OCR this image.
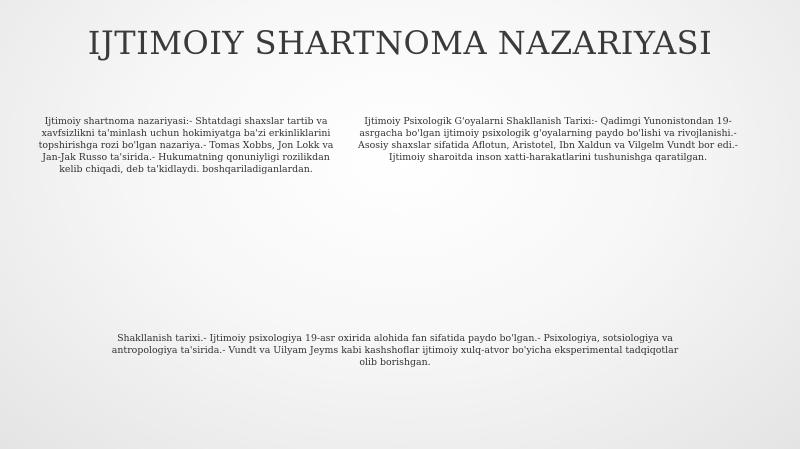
IJTIMOIY SHARTNOMA NAZARIYASI

Ijtimoiy shartnoma nazariyasi:- Shtatdagi shaxslar tartib va xavfsizlikni ta'minlash uchun hokimiyatga ba'zi erkinliklarini topshirishga rozi bo'lgan nazariya.- Tomas Xobbs, Jon Lokk va Jan-Jak Russo ta'sirida.- Hukumatning qonuniyligi rozilikdan kelib chiqadi, deb ta'kidlaydi. boshqariladiganlardan.

Ijtimoiy Psixologik G'oyalarni Shakllanish Tarixi:- Qadimgi Yunonistondan 19-asrgacha bo'lgan ijtimoiy psixologik g'oyalarning paydo bo'lishi va rivojlanishi.- Asosiy shaxslar sifatida Aflotun, Aristotel, Ibn Xaldun va Vilgelm Vundt bor edi.- Ijtimoiy sharoitda inson xatti-harakatlarini tushunishga qaratilgan.

Shakllanish tarixi.- Ijtimoiy psixologiya 19-asr oxirida alohida fan sifatida paydo bo'lgan.- Psixologiya, sotsiologiya va antropologiya ta'sirida.- Vundt va Uilyam Jeyms kabi kashshoflar ijtimoiy xulq-atvor bo'yicha eksperimental tadqiqotlar olib borishgan.
